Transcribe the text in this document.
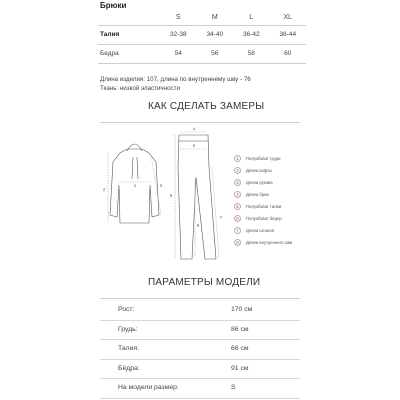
Брюки
	S	M	L	XL
Талия	32-38	34-40	36-42	38-44
Бедра	54	56	58	60
Длина изделия: 107, длина по внутреннему шву - 76
Ткань: низкой эластичности
КАК СДЕЛАТЬ ЗАМЕРЫ
1
2
3
4
5
6
7
8
1	Полуобхват груди
2	Длина кофты
3	Длина рукава
4	Длина брюк
5	Полуобхват талии
6	Полуобхват бёдер
7	Длина штанов
8	Длина внутреннего шва
ПАРАМЕТРЫ МОДЕЛИ
Рост:	170 см
Грудь:	86 см
Талия:	66 см
Бёдра:	91 см
На модели размер:	S
